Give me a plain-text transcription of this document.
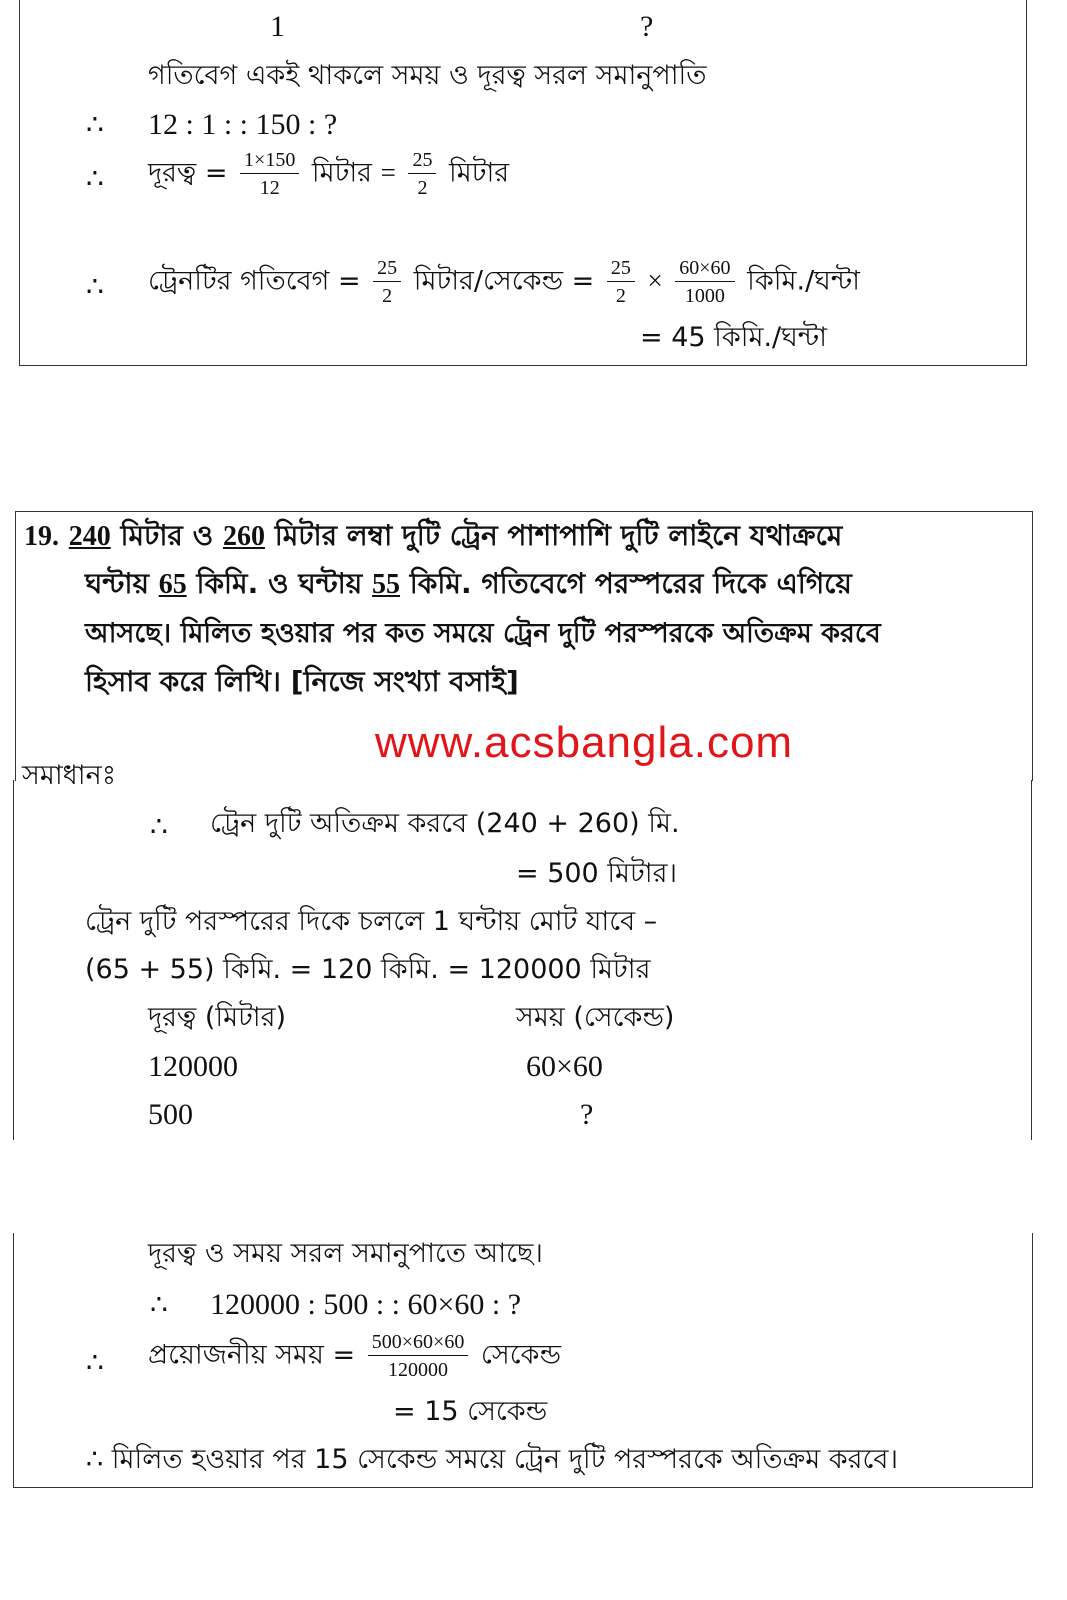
1	?
গতিবেগ একই থাকলে সময় ও দূরত্ব সরল সমানুপাতি
∴ 12 : 1 : : 150 : ?
∴ দূরত্ব = $\frac{1\times 150}{12}$ মিটার = $\frac{25}{2}$ মিটার
∴ ট্রেনটির গতিবেগ = $\frac{25}{2}$ মিটার/সেকেন্ড = $\frac{25}{2} \times \frac{60\times 60}{1000}$ কিমি./ঘন্টা
= 45 কিমি./ঘন্টা
19. 240 মিটার ও 260 মিটার লম্বা দুটি ট্রেন পাশাপাশি দুটি লাইনে যথাক্রমে
ঘন্টায় 65 কিমি. ও ঘন্টায় 55 কিমি. গতিবেগে পরস্পরের দিকে এগিয়ে
আসছে। মিলিত হওয়ার পর কত সময়ে ট্রেন দুটি পরস্পরকে অতিক্রম করবে
হিসাব করে লিখি। [নিজে সংখ্যা বসাই]
www.acsbangla.com
সমাধানঃ
∴ ট্রেন দুটি অতিক্রম করবে (240 + 260) মি.
= 500 মিটার।
ট্রেন দুটি পরস্পরের দিকে চললে 1 ঘন্টায় মোট যাবে –
(65 + 55) কিমি. = 120 কিমি. = 120000 মিটার
দূরত্ব (মিটার)	সময় (সেকেন্ড)
120000	60×60
500	?
দূরত্ব ও সময় সরল সমানুপাতে আছে।
∴ 120000 : 500 : : 60×60 : ?
∴ প্রয়োজনীয় সময় = $\frac{500\times 60\times 60}{120000}$ সেকেন্ড
= 15 সেকেন্ড
∴ মিলিত হওয়ার পর 15 সেকেন্ড সময়ে ট্রেন দুটি পরস্পরকে অতিক্রম করবে।
